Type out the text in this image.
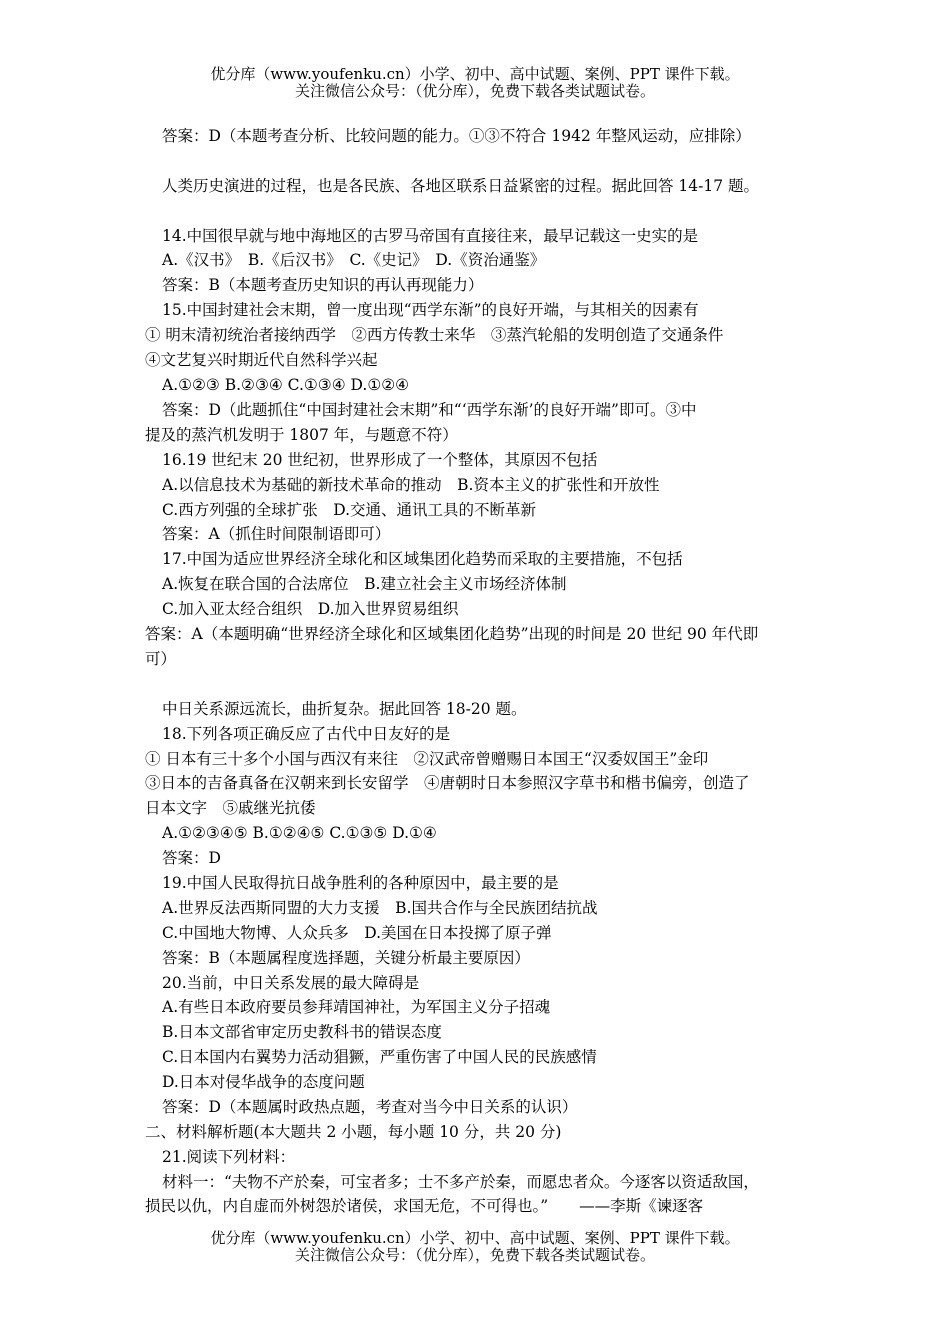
优分库（www.youfenku.cn）小学、初中、高中试题、案例、PPT 课件下载。
关注微信公众号：（优分库），免费下载各类试题试卷。
答案：D（本题考查分析、比较问题的能力。①③不符合 1942 年整风运动，应排除）
人类历史演进的过程，也是各民族、各地区联系日益紧密的过程。据此回答 14-17 题。
14.中国很早就与地中海地区的古罗马帝国有直接往来，最早记载这一史实的是
A.《汉书》　B.《后汉书》　C.《史记》　D.《资治通鉴》
答案：B（本题考查历史知识的再认再现能力）
15.中国封建社会末期，曾一度出现“西学东渐”的良好开端，与其相关的因素有
① 明末清初统治者接纳西学　②西方传教士来华　③蒸汽轮船的发明创造了交通条件
④文艺复兴时期近代自然科学兴起
A.①②③ B.②③④ C.①③④ D.①②④
答案：D（此题抓住“中国封建社会末期”和“‘西学东渐’的良好开端”即可。③中
提及的蒸汽机发明于 1807 年，与题意不符）
16.19 世纪末 20 世纪初，世界形成了一个整体，其原因不包括
A.以信息技术为基础的新技术革命的推动　B.资本主义的扩张性和开放性
C.西方列强的全球扩张　D.交通、通讯工具的不断革新
答案：A（抓住时间限制语即可）
17.中国为适应世界经济全球化和区域集团化趋势而采取的主要措施，不包括
A.恢复在联合国的合法席位　B.建立社会主义市场经济体制
C.加入亚太经合组织　D.加入世界贸易组织
答案：A（本题明确“世界经济全球化和区域集团化趋势”出现的时间是 20 世纪 90 年代即
可）
中日关系源远流长，曲折复杂。据此回答 18-20 题。
18.下列各项正确反应了古代中日友好的是
① 日本有三十多个小国与西汉有来往　②汉武帝曾赠赐日本国王“汉委奴国王”金印
③日本的吉备真备在汉朝来到长安留学　④唐朝时日本参照汉字草书和楷书偏旁，创造了
日本文字　⑤戚继光抗倭
A.①②③④⑤ B.①②④⑤ C.①③⑤ D.①④
答案：D
19.中国人民取得抗日战争胜利的各种原因中，最主要的是
A.世界反法西斯同盟的大力支援　B.国共合作与全民族团结抗战
C.中国地大物博、人众兵多　D.美国在日本投掷了原子弹
答案：B（本题属程度选择题，关键分析最主要原因）
20.当前，中日关系发展的最大障碍是
A.有些日本政府要员参拜靖国神社，为军国主义分子招魂
B.日本文部省审定历史教科书的错误态度
C.日本国内右翼势力活动猖獗，严重伤害了中国人民的民族感情
D.日本对侵华战争的态度问题
答案：D（本题属时政热点题，考查对当今中日关系的认识）
二、材料解析题(本大题共 2 小题，每小题 10 分，共 20 分)
21.阅读下列材料：
材料一：“夫物不产於秦，可宝者多；士不多产於秦，而愿忠者众。今逐客以资适敌国，
损民以仇，内自虚而外树怨於诸侯，求国无危，不可得也。”　　——李斯《谏逐客
优分库（www.youfenku.cn）小学、初中、高中试题、案例、PPT 课件下载。
关注微信公众号：（优分库），免费下载各类试题试卷。
